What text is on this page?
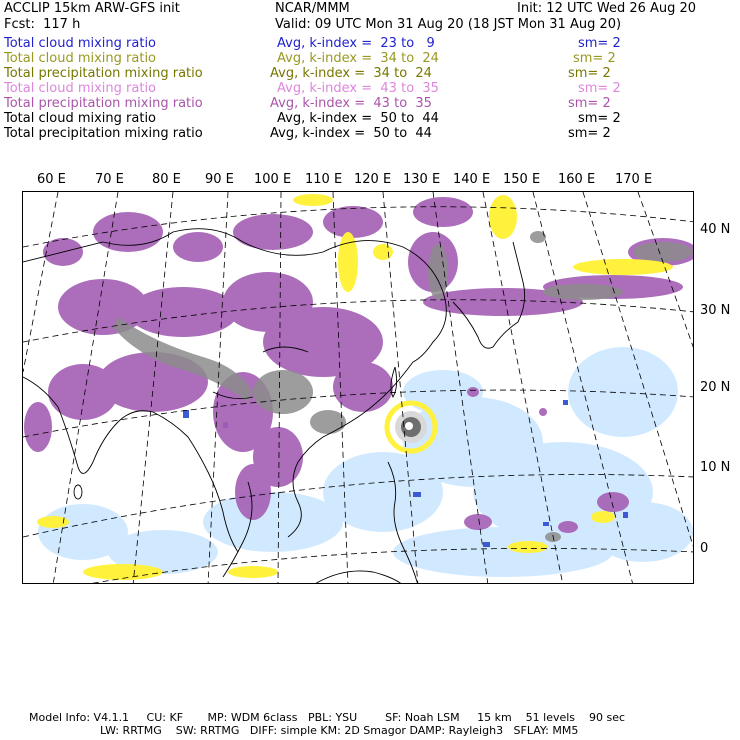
ACCLIP 15km ARW-GFS init	NCAR/MMM	Init: 12 UTC Wed 26 Aug 20
Fcst:  117 h	Valid: 09 UTC Mon 31 Aug 20 (18 JST Mon 31 Aug 20)
Total cloud mixing ratio	Avg, k-index =  23 to   9	sm= 2
Total cloud mixing ratio	Avg, k-index =  34 to  24	sm= 2
Total precipitation mixing ratio	Avg, k-index =  34 to  24	sm= 2
Total cloud mixing ratio	Avg, k-index =  43 to  35	sm= 2
Total precipitation mixing ratio	Avg, k-index =  43 to  35	sm= 2
Total cloud mixing ratio	Avg, k-index =  50 to  44	sm= 2
Total precipitation mixing ratio	Avg, k-index =  50 to  44	sm= 2
60 E 70 E 80 E 90 E 100 E 110 E 120 E 130 E 140 E 150 E 160 E 170 E
40 N
30 N
20 N
10 N
0
Model Info: V4.1.1     CU: KF       MP: WDM 6class   PBL: YSU        SF: Noah LSM     15 km    51 levels    90 sec
LW: RRTMG    SW: RRTMG   DIFF: simple KM: 2D Smagor DAMP: Rayleigh3   SFLAY: MM5
